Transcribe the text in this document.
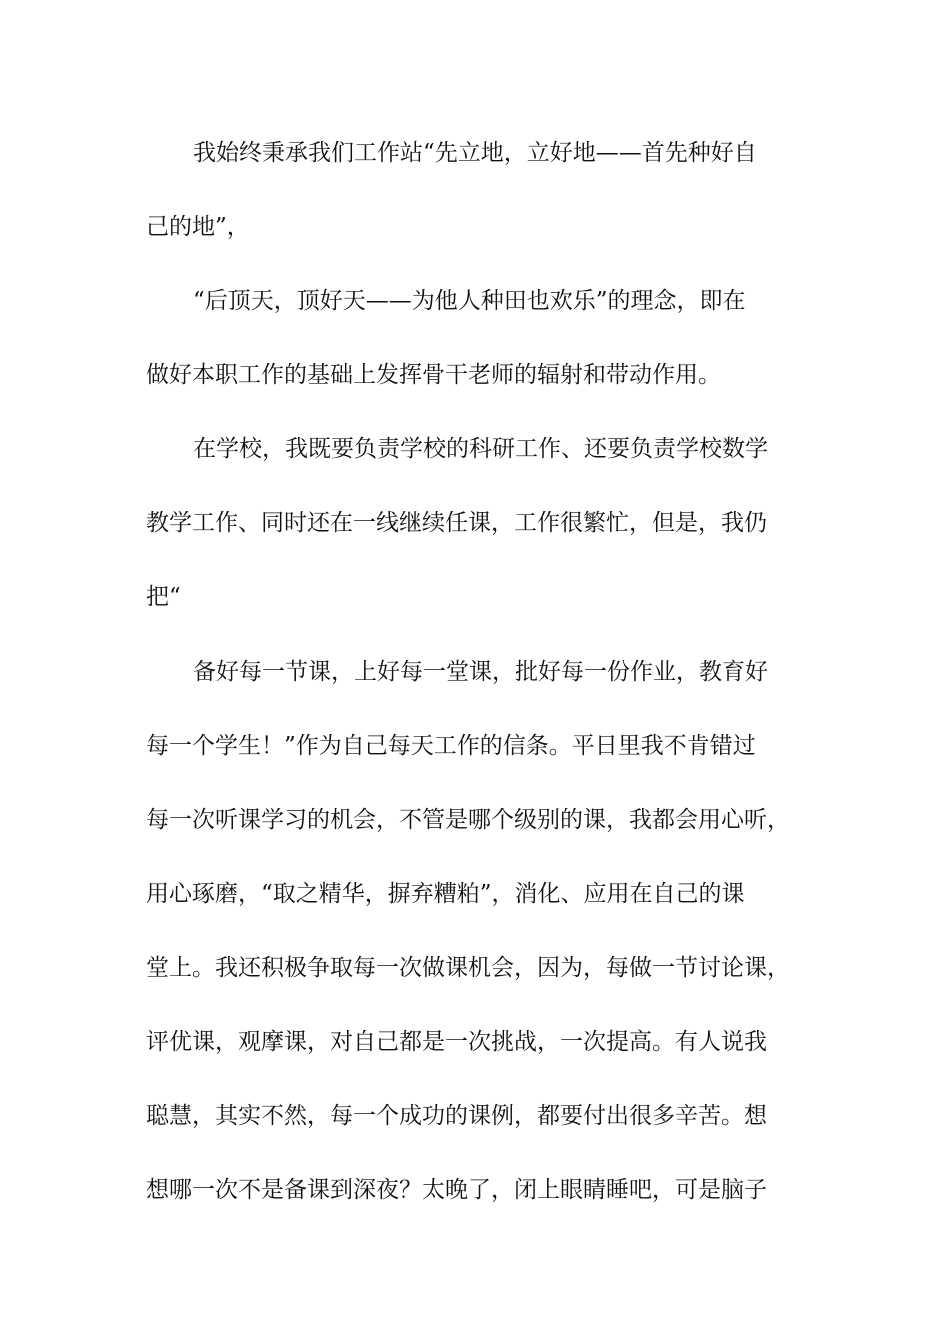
我始终秉承我们工作站“先立地，立好地——首先种好自
己的地”，
“后顶天，顶好天——为他人种田也欢乐”的理念，即在
做好本职工作的基础上发挥骨干老师的辐射和带动作用。
在学校，我既要负责学校的科研工作、还要负责学校数学
教学工作、同时还在一线继续任课，工作很繁忙，但是，我仍
把“
备好每一节课，上好每一堂课，批好每一份作业，教育好
每一个学生！”作为自己每天工作的信条。平日里我不肯错过
每一次听课学习的机会，不管是哪个级别的课，我都会用心听，
用心琢磨，“取之精华，摒弃糟粕”，消化、应用在自己的课
堂上。我还积极争取每一次做课机会，因为，每做一节讨论课，
评优课，观摩课，对自己都是一次挑战，一次提高。有人说我
聪慧，其实不然，每一个成功的课例，都要付出很多辛苦。想
想哪一次不是备课到深夜？太晚了，闭上眼睛睡吧，可是脑子
